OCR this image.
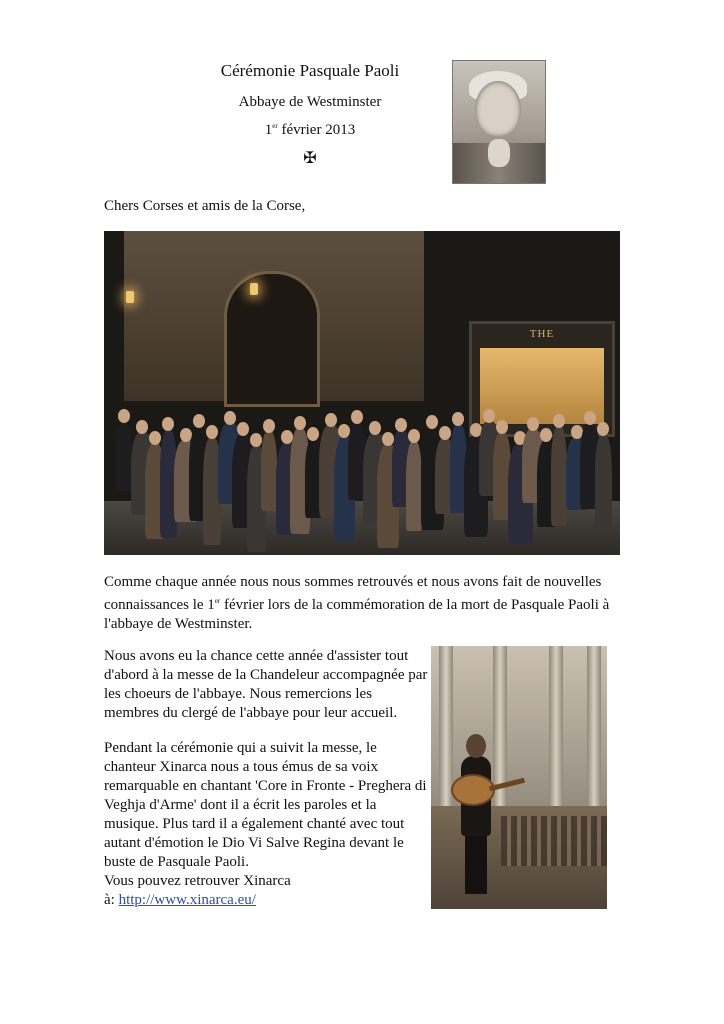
Cérémonie Pasquale Paoli
Abbaye de Westminster
1er février 2013
✠
Chers Corses et amis de la Corse,
THE
Comme chaque année nous nous sommes retrouvés et nous avons fait de nouvelles connaissances le 1er février lors de la commémoration de la mort de Pasquale Paoli à l'abbaye de Westminster.
Nous avons eu la chance cette année d'assister tout d'abord à la messe de la Chandeleur accompagnée par les choeurs de l'abbaye. Nous remercions les membres du clergé de l'abbaye pour leur accueil.
Pendant la cérémonie qui a suivit la messe, le chanteur Xinarca nous a tous émus de sa voix remarquable en chantant 'Core in Fronte - Preghera di Veghja d'Arme' dont il a écrit les paroles et la musique. Plus tard il a également chanté avec tout autant d'émotion le Dio Vi Salve Regina devant le buste de Pasquale Paoli.
Vous pouvez retrouver Xinarca
à: http://www.xinarca.eu/
